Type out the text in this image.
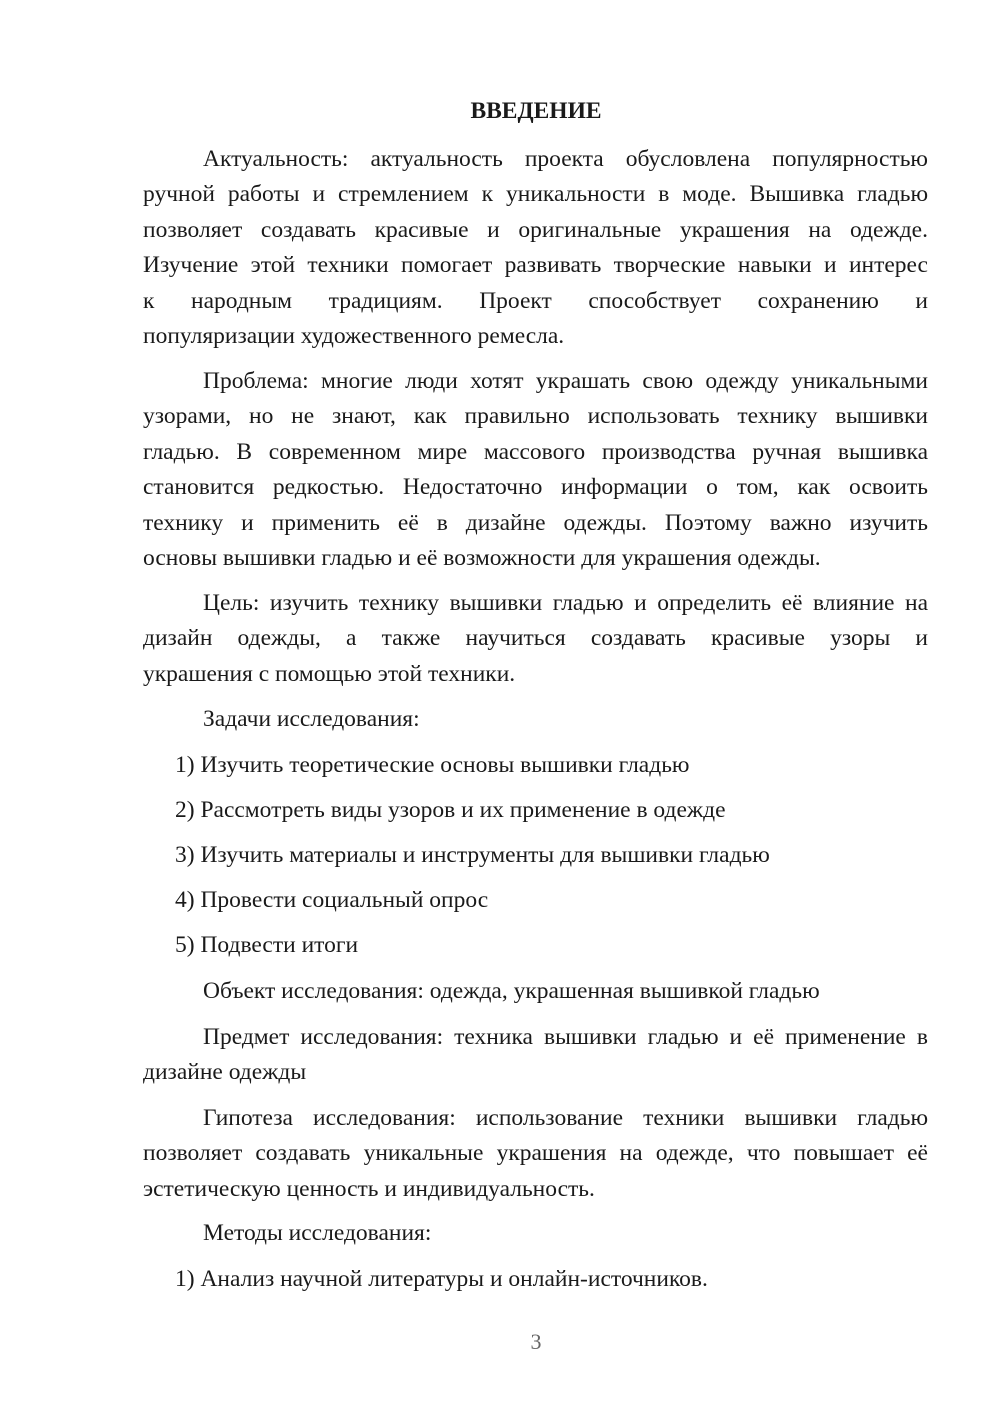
ВВЕДЕНИЕ

Актуальность: актуальность проекта обусловлена популярностью
ручной работы и стремлением к уникальности в моде. Вышивка гладью
позволяет создавать красивые и оригинальные украшения на одежде.
Изучение этой техники помогает развивать творческие навыки и интерес
к народным традициям. Проект способствует сохранению и
популяризации художественного ремесла.

Проблема: многие люди хотят украшать свою одежду уникальными
узорами, но не знают, как правильно использовать технику вышивки
гладью. В современном мире массового производства ручная вышивка
становится редкостью. Недостаточно информации о том, как освоить
технику и применить её в дизайне одежды. Поэтому важно изучить
основы вышивки гладью и её возможности для украшения одежды.

Цель: изучить технику вышивки гладью и определить её влияние на
дизайн одежды, а также научиться создавать красивые узоры и
украшения с помощью этой техники.

Задачи исследования:

1) Изучить теоретические основы вышивки гладью

2) Рассмотреть виды узоров и их применение в одежде

3) Изучить материалы и инструменты для вышивки гладью

4) Провести социальный опрос

5) Подвести итоги

Объект исследования: одежда, украшенная вышивкой гладью

Предмет исследования: техника вышивки гладью и её применение в
дизайне одежды

Гипотеза исследования: использование техники вышивки гладью
позволяет создавать уникальные украшения на одежде, что повышает её
эстетическую ценность и индивидуальность.

Методы исследования:

1) Анализ научной литературы и онлайн-источников.

3
